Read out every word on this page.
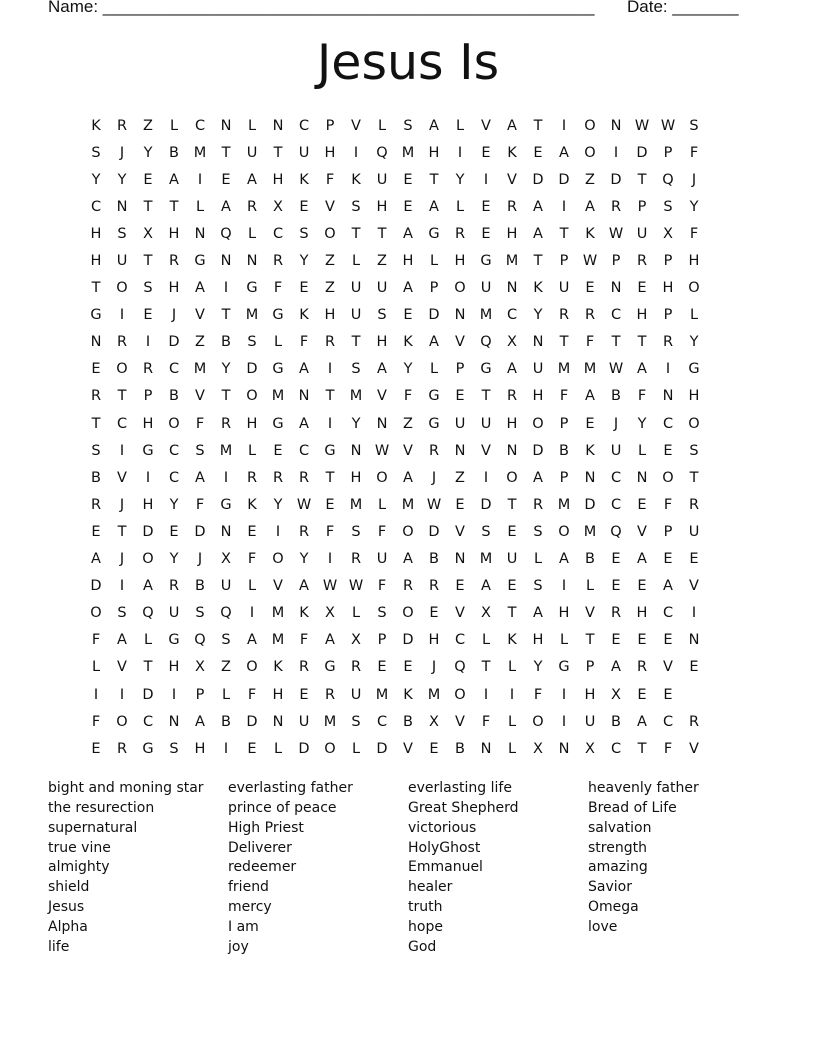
Name: ____________________________________________________ Date: _______
Jesus Is
K	R	Z	L	C	N	L	N	C	P	V	L	S	A	L	V	A	T	I	O	N W W S
S	J	Y	B	M	T	U	T	U	H	I	Q M H	I	E	K	E	A	O	I	D	P	F
Y	Y	E	A	I	E	A	H	K	F	K	U	E	T	Y	I	V	D	D	Z	D	T	Q	J
C	N	T	T	L	A	R	X	E	V	S	H	E	A	L	E	R	A	I	A	R	P	S	Y
H	S	X	H	N	Q	L	C	S	O	T	T	A	G	R	E	H	A	T	K W U	X	F
H	U	T	R	G	N	N	R	Y	Z	L	Z	H	L	H	G M	T	P W P	R	P	H
T	O	S	H	A	I	G	F	E	Z	U	U	A	P	O	U	N	K	U	E	N	E	H	O
G	I	E	J	V	T	M G	K	H	U	S	E	D	N M	C	Y	R	R	C	H	P	L
N	R	I	D	Z	B	S	L	F	R	T	H	K	A	V	Q	X	N	T	F	T	T	R	Y
E	O	R	C	M	Y	D	G	A	I	S	A	Y	L	P	G	A	U M M W A	I	G
R	T	P	B	V	T	O M N	T	M	V	F	G	E	T	R	H	F	A	B	F	N	H
T	C	H	O	F	R	H	G	A	I	Y	N	Z	G	U	U	H	O	P	E	J	Y	C	O
S	I	G	C	S	M	L	E	C	G	N W V	R	N	V	N	D	B	K	U	L	E	S
B	V	I	C	A	I	R	R	R	T	H	O	A	J	Z	I	O	A	P	N	C	N	O	T
R	J	H	Y	F	G	K	Y W E	M	L	M W E	D	T	R	M D	C	E	F	R
E	T	D	E	D	N	E	I	R	F	S	F	O	D	V	S	E	S	O M Q	V	P	U
A	J	O	Y	J	X	F	O	Y	I	R	U	A	B	N M U	L	A	B	E	A	E	E
D	I	A	R	B	U	L	V	A W W	F	R	R	E	A	E	S	I	L	E	E	A	V
O	S	Q	U	S	Q	I	M	K	X	L	S	O	E	V	X	T	A	H	V	R	H	C	I
F	A	L	G	Q	S	A	M	F	A	X	P	D	H	C	L	K	H	L	T	E	E	E	N
L	V	T	H	X	Z	O	K	R	G	R	E	E	J	Q	T	L	Y	G	P	A	R	V	E
I	I	D	I	P	L	F	H	E	R	U M	K	M O	I	I	F	I	H	X	E	E
F	O	C	N	A	B	D	N	U M	S	C	B	X	V	F	L	O	I	U	B	A	C	R
E	R	G	S	H	I	E	L	D	O	L	D	V	E	B	N	L	X	N	X	C	T	F	V
bight and moning star
the resurection
supernatural
true vine
almighty
shield
Jesus
Alpha
life
everlasting father
prince of peace
High Priest
Deliverer
redeemer
friend
mercy
I am
joy
everlasting life
Great Shepherd
victorious
HolyGhost
Emmanuel
healer
truth
hope
God
heavenly father
Bread of Life
salvation
strength
amazing
Savior
Omega
love
